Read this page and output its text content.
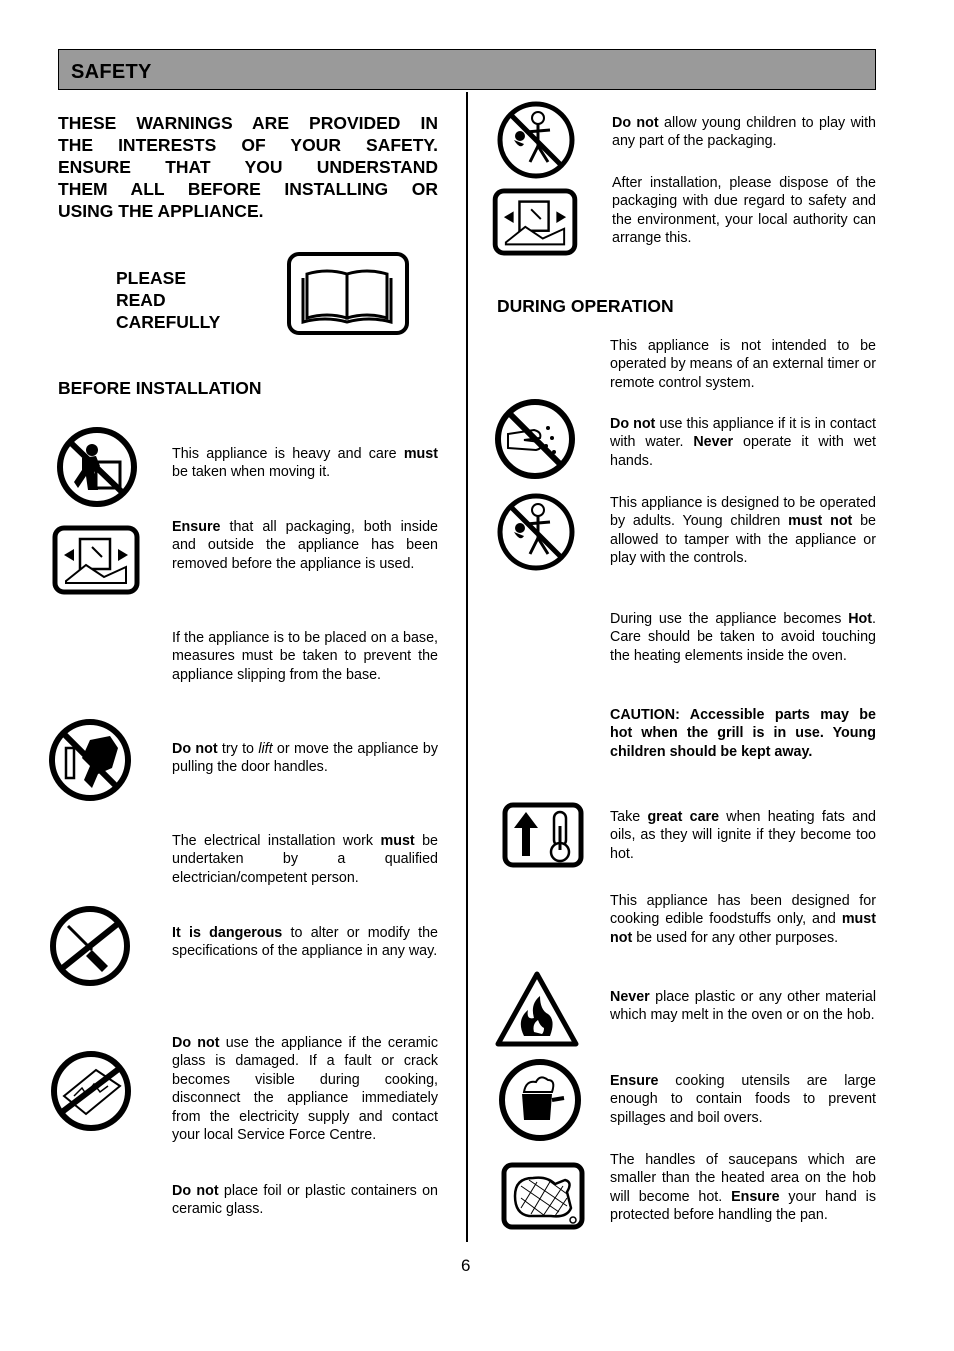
SAFETY
THESE WARNINGS ARE PROVIDED IN
THE INTERESTS OF YOUR SAFETY.
ENSURE THAT YOU UNDERSTAND
THEM ALL BEFORE INSTALLING OR
USING THE APPLIANCE.
PLEASE
READ
CAREFULLY
BEFORE INSTALLATION
This appliance is heavy and care must be taken when moving it.
Ensure that all packaging, both inside and outside the appliance has been removed before the appliance is used.
If the appliance is to be placed on a base, measures must be taken to prevent the appliance slipping from the base.
Do not try to lift or move the appliance by pulling the door handles.
The electrical installation work must be undertaken by a qualified electrician/competent person.
It is dangerous to alter or modify the specifications of the appliance in any way.
Do not use the appliance if the ceramic glass is damaged. If a fault or crack becomes visible during cooking, disconnect the appliance immediately from the electricity supply and contact your local Service Force Centre.
Do not place foil or plastic containers on ceramic glass.
Do not allow young children to play with any part of the packaging.
After installation, please dispose of the packaging with due regard to safety and the environment, your local authority can arrange this.
DURING OPERATION
This appliance is not intended to be operated by means of an external timer or remote control system.
Do not use this appliance if it is in contact with water. Never operate it with wet hands.
This appliance is designed to be operated by adults. Young children must not be allowed to tamper with the appliance or play with the controls.
During use the appliance becomes Hot. Care should be taken to avoid touching the heating elements inside the oven.
CAUTION: Accessible parts may be hot when the grill is in use. Young children should be kept away.
Take great care when heating fats and oils, as they will ignite if they become too hot.
This appliance has been designed for cooking edible foodstuffs only, and must not be used for any other purposes.
Never place plastic or any other material which may melt in the oven or on the hob.
Ensure cooking utensils are large enough to contain foods to prevent spillages and boil overs.
The handles of saucepans which are smaller than the heated area on the hob will become hot. Ensure your hand is protected before handling the pan.
6
